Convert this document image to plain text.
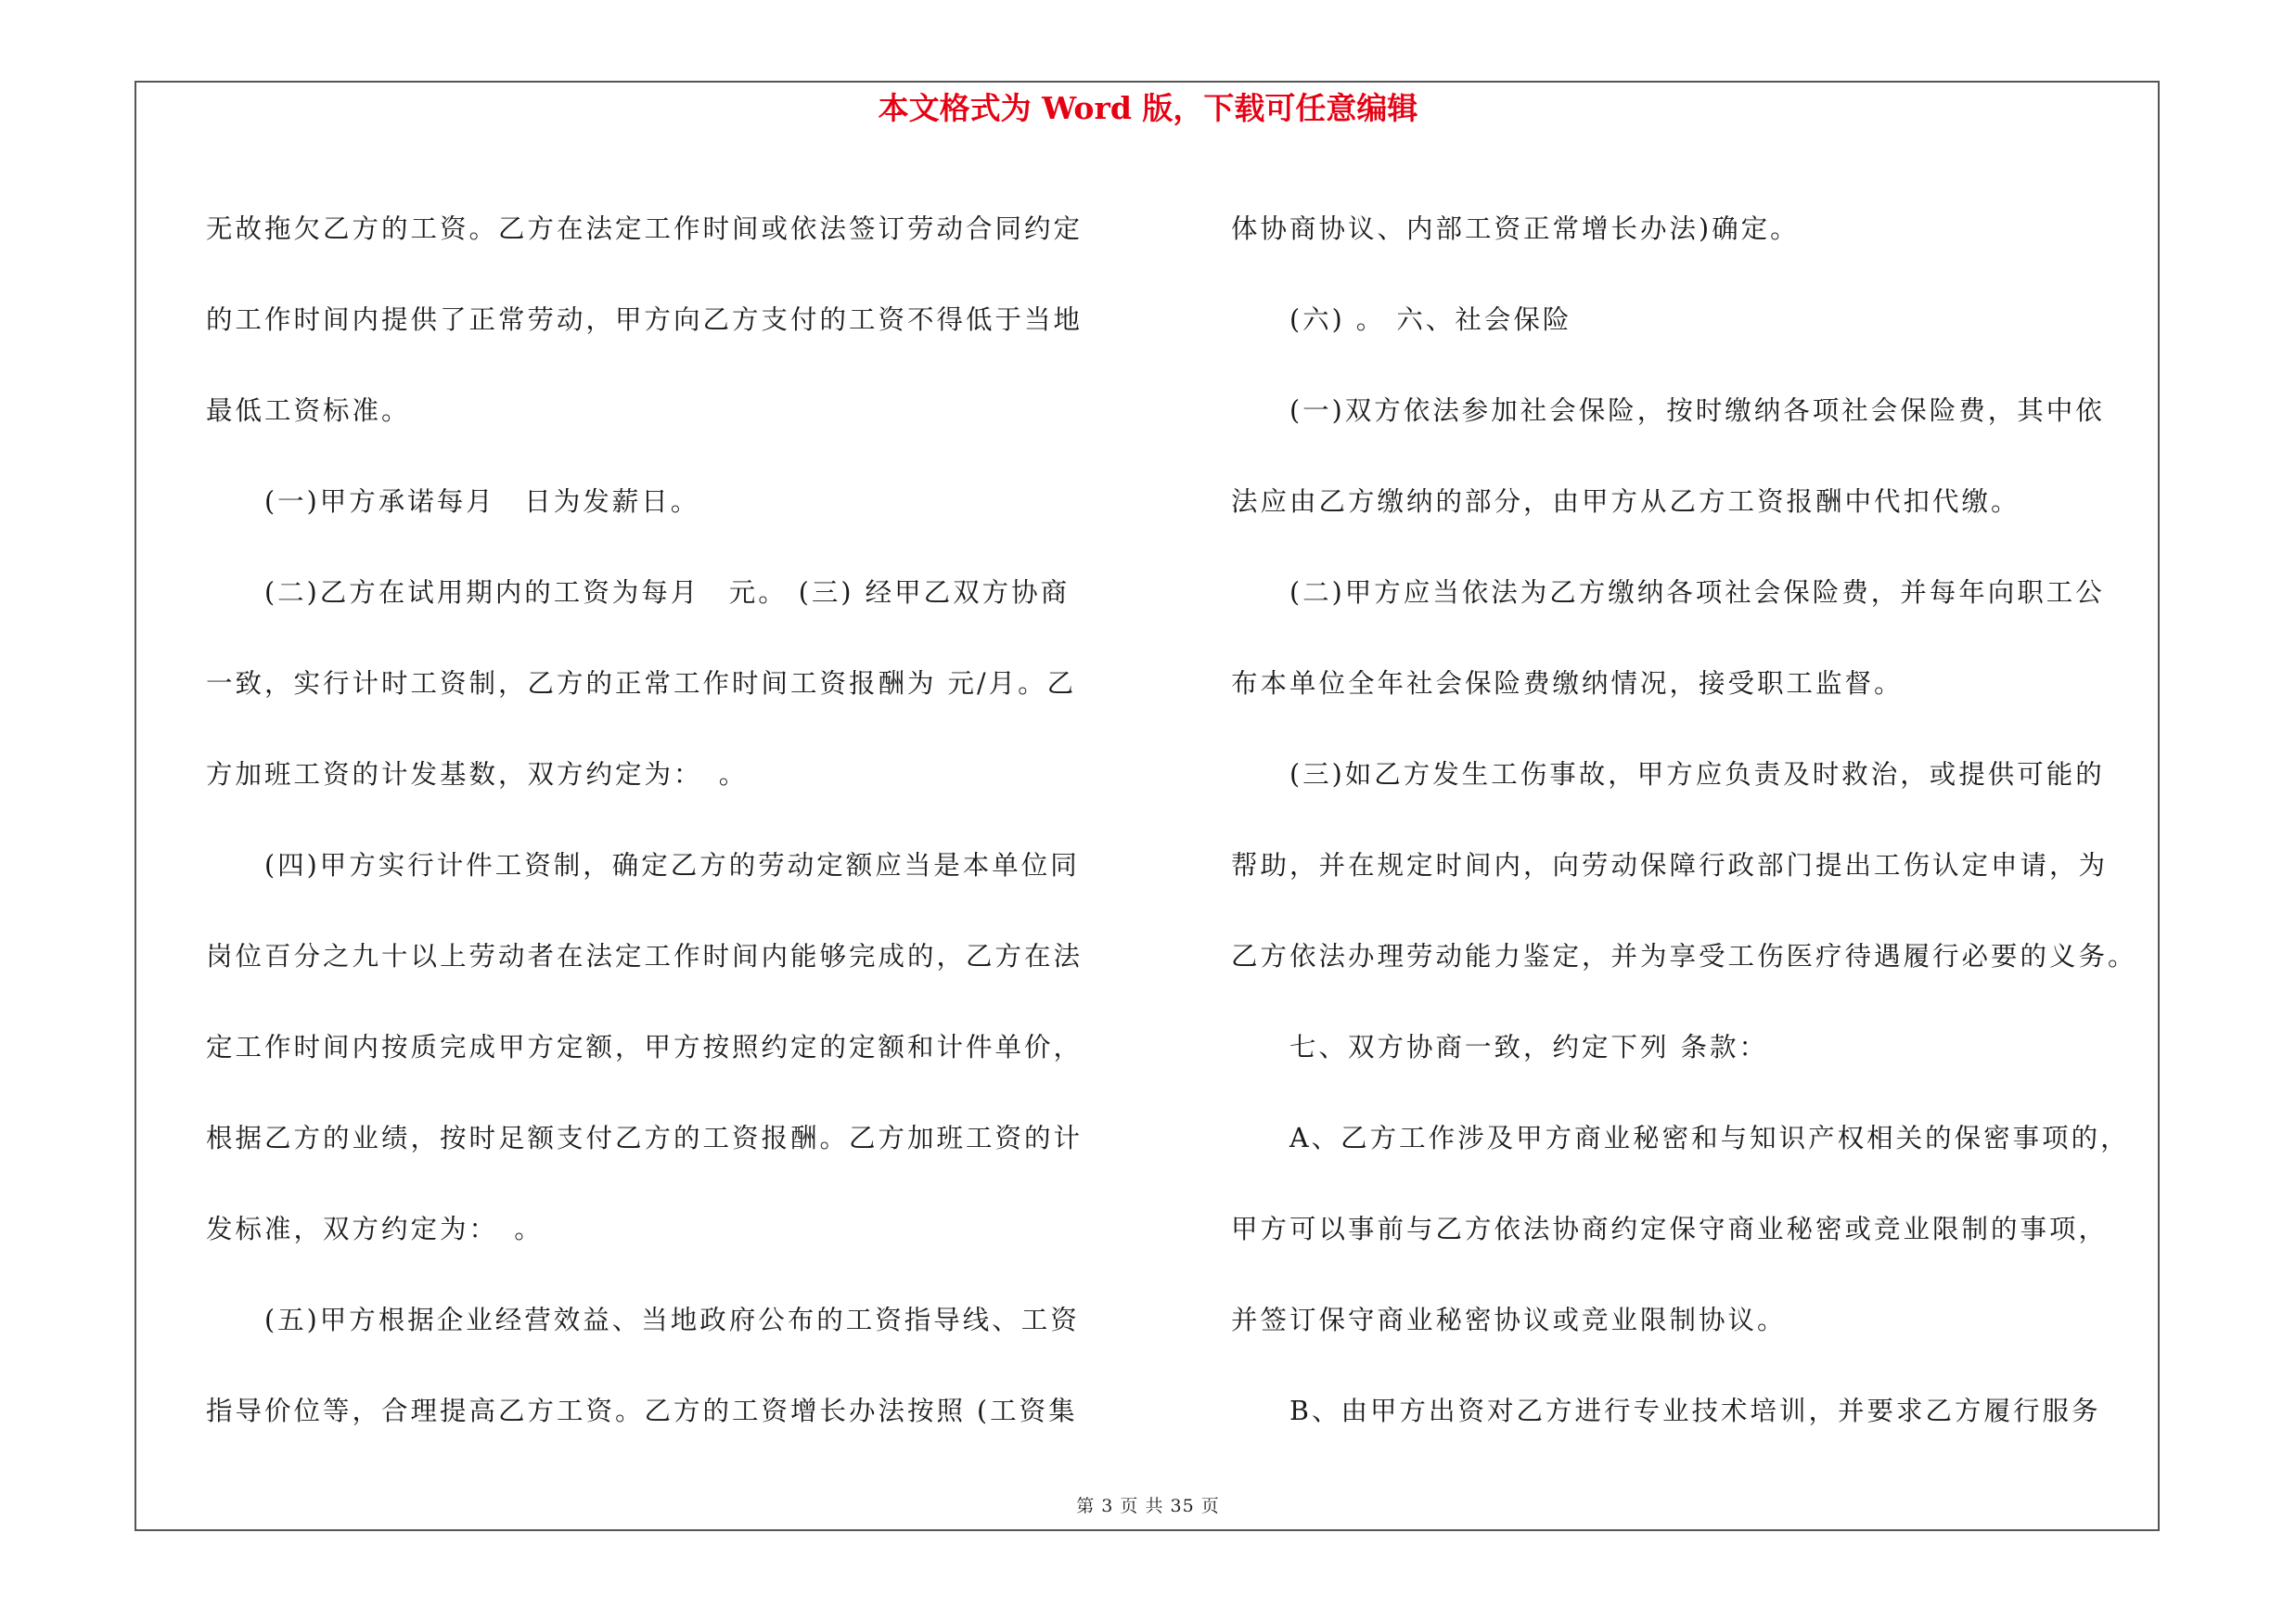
本文格式为 Word 版，下载可任意编辑
无故拖欠乙方的工资。乙方在法定工作时间或依法签订劳动合同约定
的工作时间内提供了正常劳动，甲方向乙方支付的工资不得低于当地
最低工资标准。
　　(一)甲方承诺每月　日为发薪日。
　　(二)乙方在试用期内的工资为每月　元。 (三) 经甲乙双方协商
一致，实行计时工资制，乙方的正常工作时间工资报酬为 元/月。乙
方加班工资的计发基数，双方约定为：　。
　　(四)甲方实行计件工资制，确定乙方的劳动定额应当是本单位同
岗位百分之九十以上劳动者在法定工作时间内能够完成的，乙方在法
定工作时间内按质完成甲方定额，甲方按照约定的定额和计件单价，
根据乙方的业绩，按时足额支付乙方的工资报酬。乙方加班工资的计
发标准，双方约定为：　。
　　(五)甲方根据企业经营效益、当地政府公布的工资指导线、工资
指导价位等，合理提高乙方工资。乙方的工资增长办法按照 (工资集
体协商协议、内部工资正常增长办法)确定。
　　(六) 。 六、社会保险
　　(一)双方依法参加社会保险，按时缴纳各项社会保险费，其中依
法应由乙方缴纳的部分，由甲方从乙方工资报酬中代扣代缴。
　　(二)甲方应当依法为乙方缴纳各项社会保险费，并每年向职工公
布本单位全年社会保险费缴纳情况，接受职工监督。
　　(三)如乙方发生工伤事故，甲方应负责及时救治，或提供可能的
帮助，并在规定时间内，向劳动保障行政部门提出工伤认定申请，为
乙方依法办理劳动能力鉴定，并为享受工伤医疗待遇履行必要的义务。
　　七、双方协商一致，约定下列 条款：
　　A、乙方工作涉及甲方商业秘密和与知识产权相关的保密事项的，
甲方可以事前与乙方依法协商约定保守商业秘密或竞业限制的事项，
并签订保守商业秘密协议或竞业限制协议。
　　B、由甲方出资对乙方进行专业技术培训，并要求乙方履行服务
第 3 页 共 35 页
